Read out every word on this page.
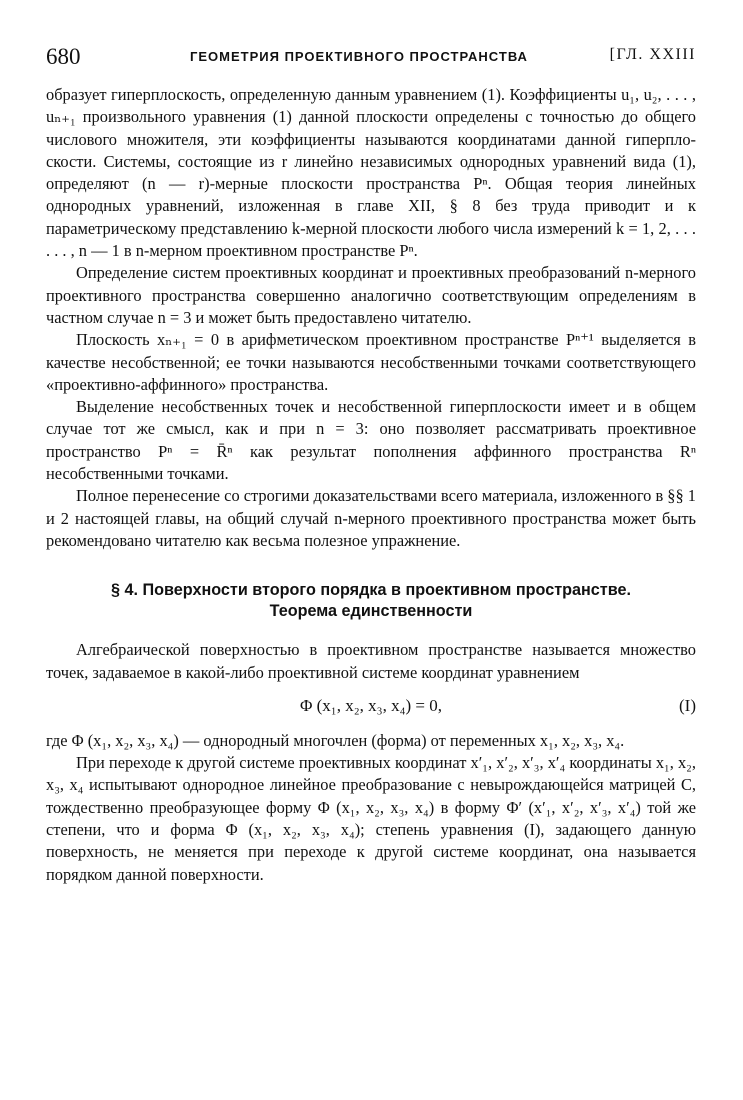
680	ГЕОМЕТРИЯ ПРОЕКТИВНОГО ПРОСТРАНСТВА	[ГЛ. XXIII

образует гиперплоскость, определенную данным уравнением (1). Коэффициенты u₁, u₂, . . . , uₙ₊₁ произвольного уравнения (1) данной плоскости определены с точностью до общего числового множителя, эти коэффициенты называются координатами данной гиперплоскости. Системы, состоящие из r линейно независимых однородных уравнений вида (1), определяют (n — r)-мерные плоскости пространства Pⁿ. Общая теория линейных однородных уравнений, изложенная в главе XII, § 8 без труда приводит и к параметрическому представлению k-мерной плоскости любого числа измерений k = 1, 2, . . . . . . , n — 1 в n-мерном проективном пространстве Pⁿ.

Определение систем проективных координат и проективных преобразований n-мерного проективного пространства совершенно аналогично соответствующим определениям в частном случае n = 3 и может быть предоставлено читателю.

Плоскость xₙ₊₁ = 0 в арифметическом проективном пространстве Pⁿ⁺¹ выделяется в качестве несобственной; ее точки называются несобственными точками соответствующего «проективно-аффинного» пространства.

Выделение несобственных точек и несобственной гиперплоскости имеет и в общем случае тот же смысл, как и при n = 3: оно позволяет рассматривать проективное пространство Pⁿ = R̄ⁿ как результат пополнения аффинного пространства Rⁿ несобственными точками.

Полное перенесение со строгими доказательствами всего материала, изложенного в §§ 1 и 2 настоящей главы, на общий случай n-мерного проективного пространства может быть рекомендовано читателю как весьма полезное упражнение.

§ 4. Поверхности второго порядка в проективном пространстве. Теорема единственности

Алгебраической поверхностью в проективном пространстве называется множество точек, задаваемое в какой-либо проективной системе координат уравнением

Φ (x₁, x₂, x₃, x₄) = 0,	(I)

где Φ (x₁, x₂, x₃, x₄) — однородный многочлен (форма) от переменных x₁, x₂, x₃, x₄.

При переходе к другой системе проективных координат x′₁, x′₂, x′₃, x′₄ координаты x₁, x₂, x₃, x₄ испытывают однородное линейное преобразование с невырождающейся матрицей C, тождественно преобразующее форму Φ (x₁, x₂, x₃, x₄) в форму Φ′ (x′₁, x′₂, x′₃, x′₄) той же степени, что и форма Φ (x₁, x₂, x₃, x₄); степень уравнения (I), задающего данную поверхность, не меняется при переходе к другой системе координат, она называется порядком данной поверхности.
